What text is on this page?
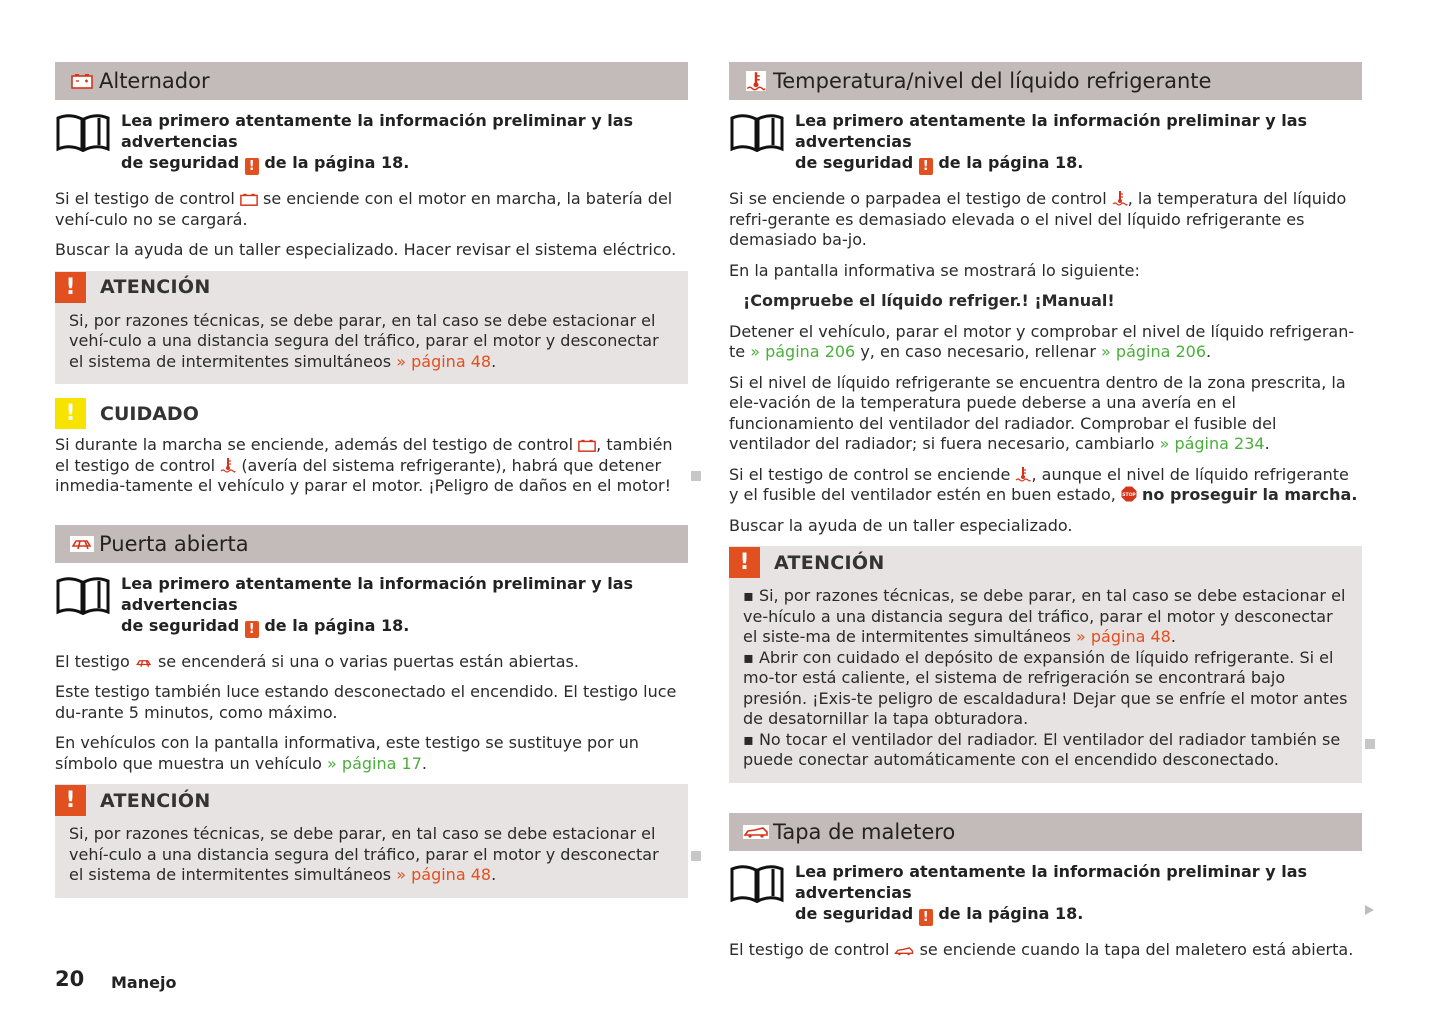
Alternador
Lea primero atentamente la información preliminar y las advertencias
de seguridad ! de la página 18.

Si el testigo de control se enciende con el motor en marcha, la batería del vehí-culo no se cargará.

Buscar la ayuda de un taller especializado. Hacer revisar el sistema eléctrico.

!	ATENCIÓN
Si, por razones técnicas, se debe parar, en tal caso se debe estacionar el vehí-culo a una distancia segura del tráfico, parar el motor y desconectar el sistema de intermitentes simultáneos » página 48.
!	CUIDADO

Si durante la marcha se enciende, además del testigo de control , también el testigo de control (avería del sistema refrigerante), habrá que detener inmedia-tamente el vehículo y parar el motor. ¡Peligro de daños en el motor!

Puerta abierta
Lea primero atentamente la información preliminar y las advertencias
de seguridad ! de la página 18.

El testigo se encenderá si una o varias puertas están abiertas.

Este testigo también luce estando desconectado el encendido. El testigo luce du-rante 5 minutos, como máximo.

En vehículos con la pantalla informativa, este testigo se sustituye por un símbolo que muestra un vehículo » página 17.

!	ATENCIÓN
Si, por razones técnicas, se debe parar, en tal caso se debe estacionar el vehí-culo a una distancia segura del tráfico, parar el motor y desconectar el sistema de intermitentes simultáneos » página 48.
Temperatura/nivel del líquido refrigerante
Lea primero atentamente la información preliminar y las advertencias
de seguridad ! de la página 18.

Si se enciende o parpadea el testigo de control , la temperatura del líquido refri-gerante es demasiado elevada o el nivel del líquido refrigerante es demasiado ba-jo.

En la pantalla informativa se mostrará lo siguiente:

¡Compruebe el líquido refriger.! ¡Manual!

Detener el vehículo, parar el motor y comprobar el nivel de líquido refrigeran-te » página 206 y, en caso necesario, rellenar » página 206.

Si el nivel de líquido refrigerante se encuentra dentro de la zona prescrita, la ele-vación de la temperatura puede deberse a una avería en el funcionamiento del ventilador del radiador. Comprobar el fusible del ventilador del radiador; si fuera necesario, cambiarlo » página 234.

Si el testigo de control se enciende , aunque el nivel de líquido refrigerante y el fusible del ventilador estén en buen estado, STOP no proseguir la marcha.

Buscar la ayuda de un taller especializado.

!	ATENCIÓN
▪ Si, por razones técnicas, se debe parar, en tal caso se debe estacionar el ve-hículo a una distancia segura del tráfico, parar el motor y desconectar el siste-ma de intermitentes simultáneos » página 48.
▪ Abrir con cuidado el depósito de expansión de líquido refrigerante. Si el mo-tor está caliente, el sistema de refrigeración se encontrará bajo presión. ¡Exis-te peligro de escaldadura! Dejar que se enfríe el motor antes de desatornillar la tapa obturadora.
▪ No tocar el ventilador del radiador. El ventilador del radiador también se puede conectar automáticamente con el encendido desconectado.
Tapa de maletero
Lea primero atentamente la información preliminar y las advertencias
de seguridad ! de la página 18.

El testigo de control se enciende cuando la tapa del maletero está abierta.

20 Manejo
